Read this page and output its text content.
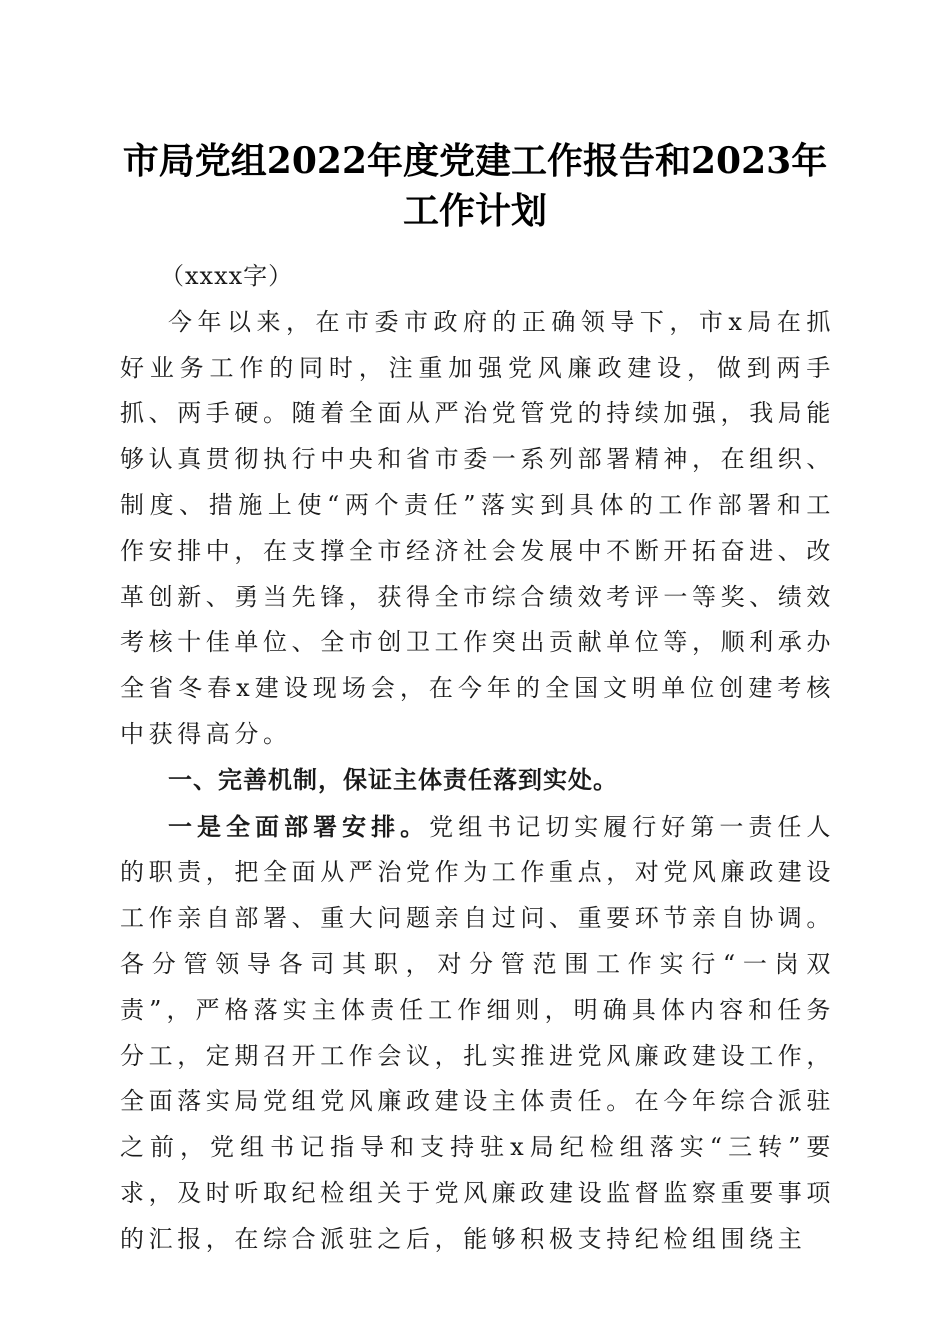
市局党组2022年度党建工作报告和2023年工作计划

（xxxx字）

今年以来，在市委市政府的正确领导下，市x局在抓好业务工作的同时，注重加强党风廉政建设，做到两手抓、两手硬。随着全面从严治党管党的持续加强，我局能够认真贯彻执行中央和省市委一系列部署精神，在组织、制度、措施上使“两个责任”落实到具体的工作部署和工作安排中，在支撑全市经济社会发展中不断开拓奋进、改革创新、勇当先锋，获得全市综合绩效考评一等奖、绩效考核十佳单位、全市创卫工作突出贡献单位等，顺利承办全省冬春x建设现场会，在今年的全国文明单位创建考核中获得高分。

一、完善机制，保证主体责任落到实处。

一是全面部署安排。党组书记切实履行好第一责任人的职责，把全面从严治党作为工作重点，对党风廉政建设工作亲自部署、重大问题亲自过问、重要环节亲自协调。各分管领导各司其职，对分管范围工作实行“一岗双责”，严格落实主体责任工作细则，明确具体内容和任务分工，定期召开工作会议，扎实推进党风廉政建设工作，全面落实局党组党风廉政建设主体责任。在今年综合派驻之前，党组书记指导和支持驻x局纪检组落实“三转”要求，及时听取纪检组关于党风廉政建设监督监察重要事项的汇报，在综合派驻之后，能够积极支持纪检组围绕主
